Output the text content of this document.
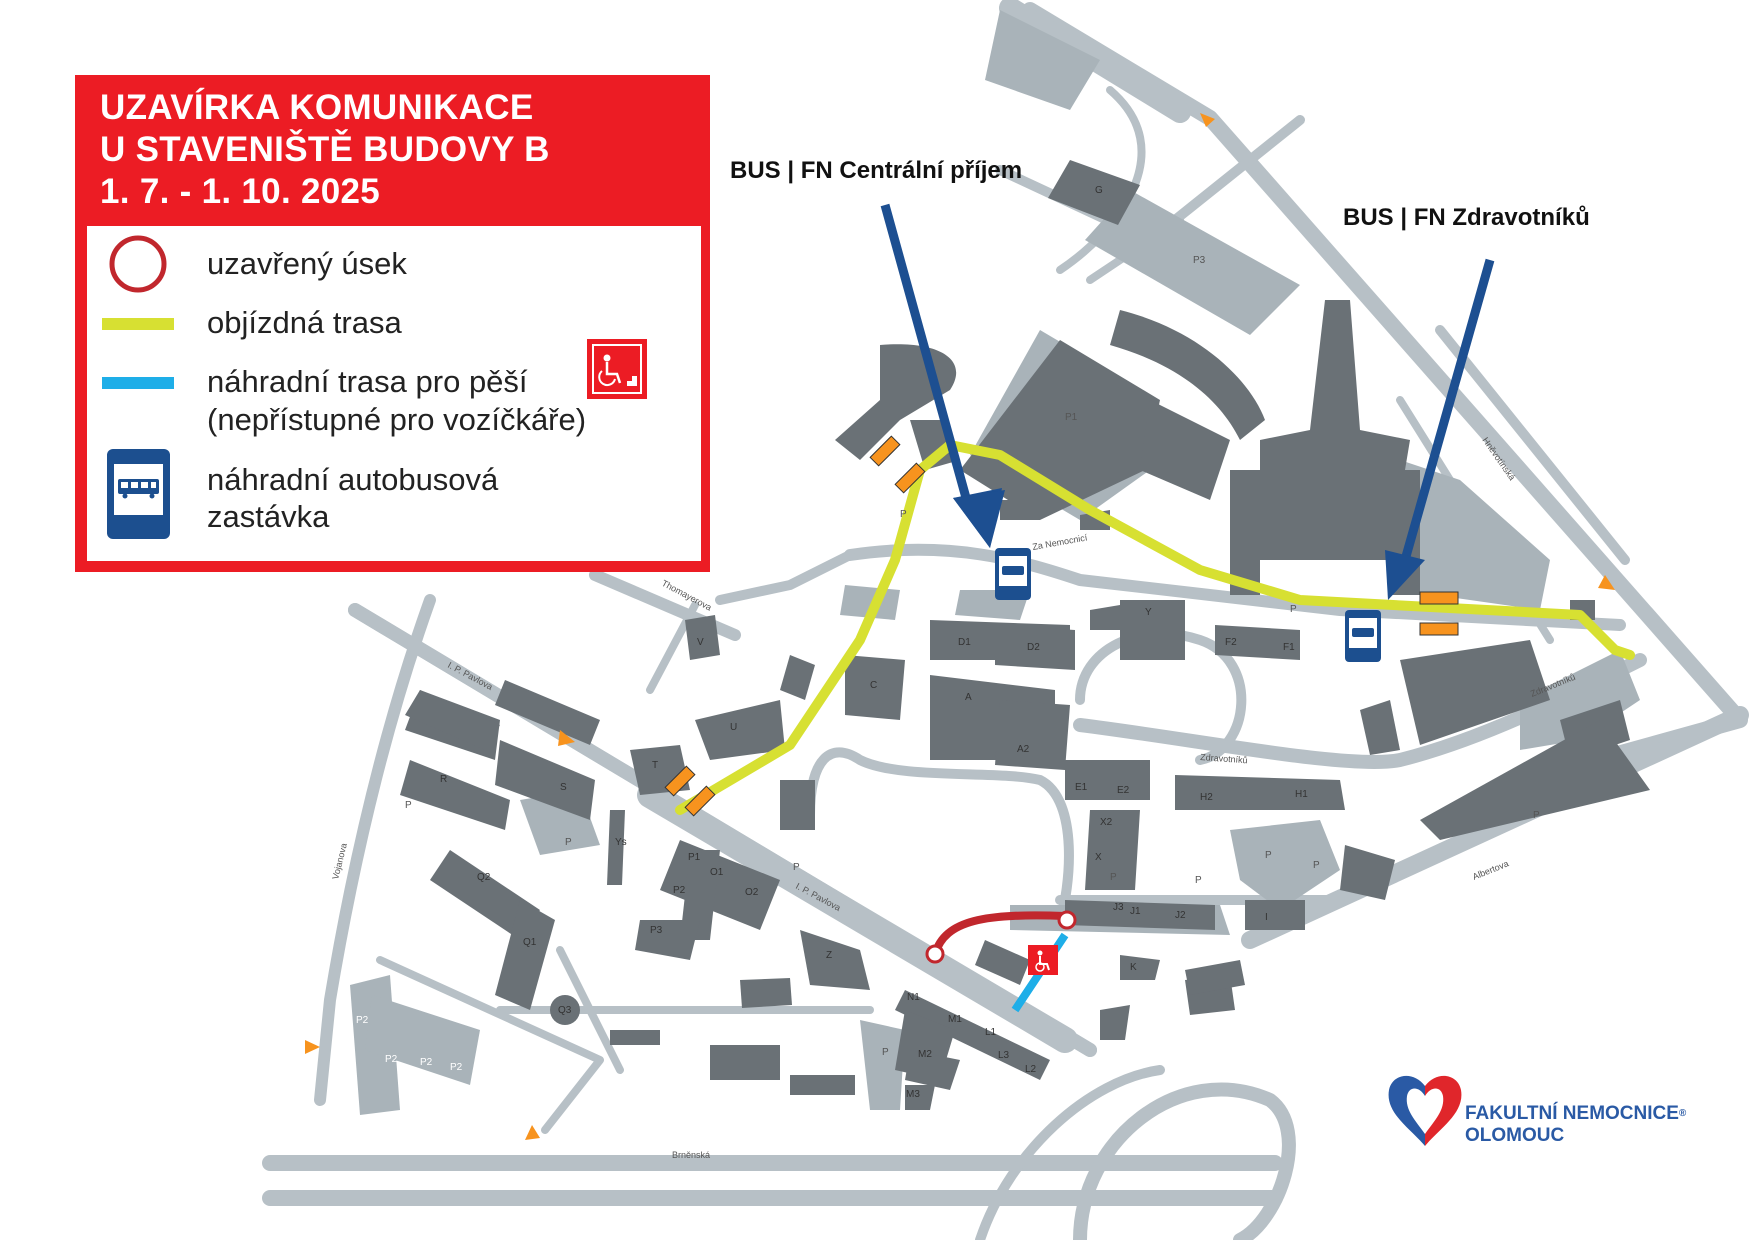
BUS | FN Centrální příjem
BUS | FN Zdravotníků
Za Nemocnicí
Thomayerova
I. P. Pavlova
I. P. Pavlova
Vojanova
Hněvotínská
Zdravotníků
Zdravotníků
Albertova
Brněnská
G
P3
P1
D1	D2
Y
F2	F1
C
A
A2
U
T
V
R
S
Ys
E1	E2
H2	H1
X2
X
J3 J1	J2	I
K
P1
O1
P2	O2
P3
Q2
Q1
Q3
Z
N1
M1
L1
M2	L3
L2
M3
P2
P2 P2 P2
P
P
P
P
P
P	P
P
P
P
P
UZAVÍRKA KOMUNIKACE
U STAVENIŠTĚ BUDOVY B
1. 7. - 1. 10. 2025
uzavřený úsek
objízdná trasa
náhradní trasa pro pěší
(nepřístupné pro vozíčkáře)
náhradní autobusová
zastávka
FAKULTNÍ NEMOCNICE®
OLOMOUC
